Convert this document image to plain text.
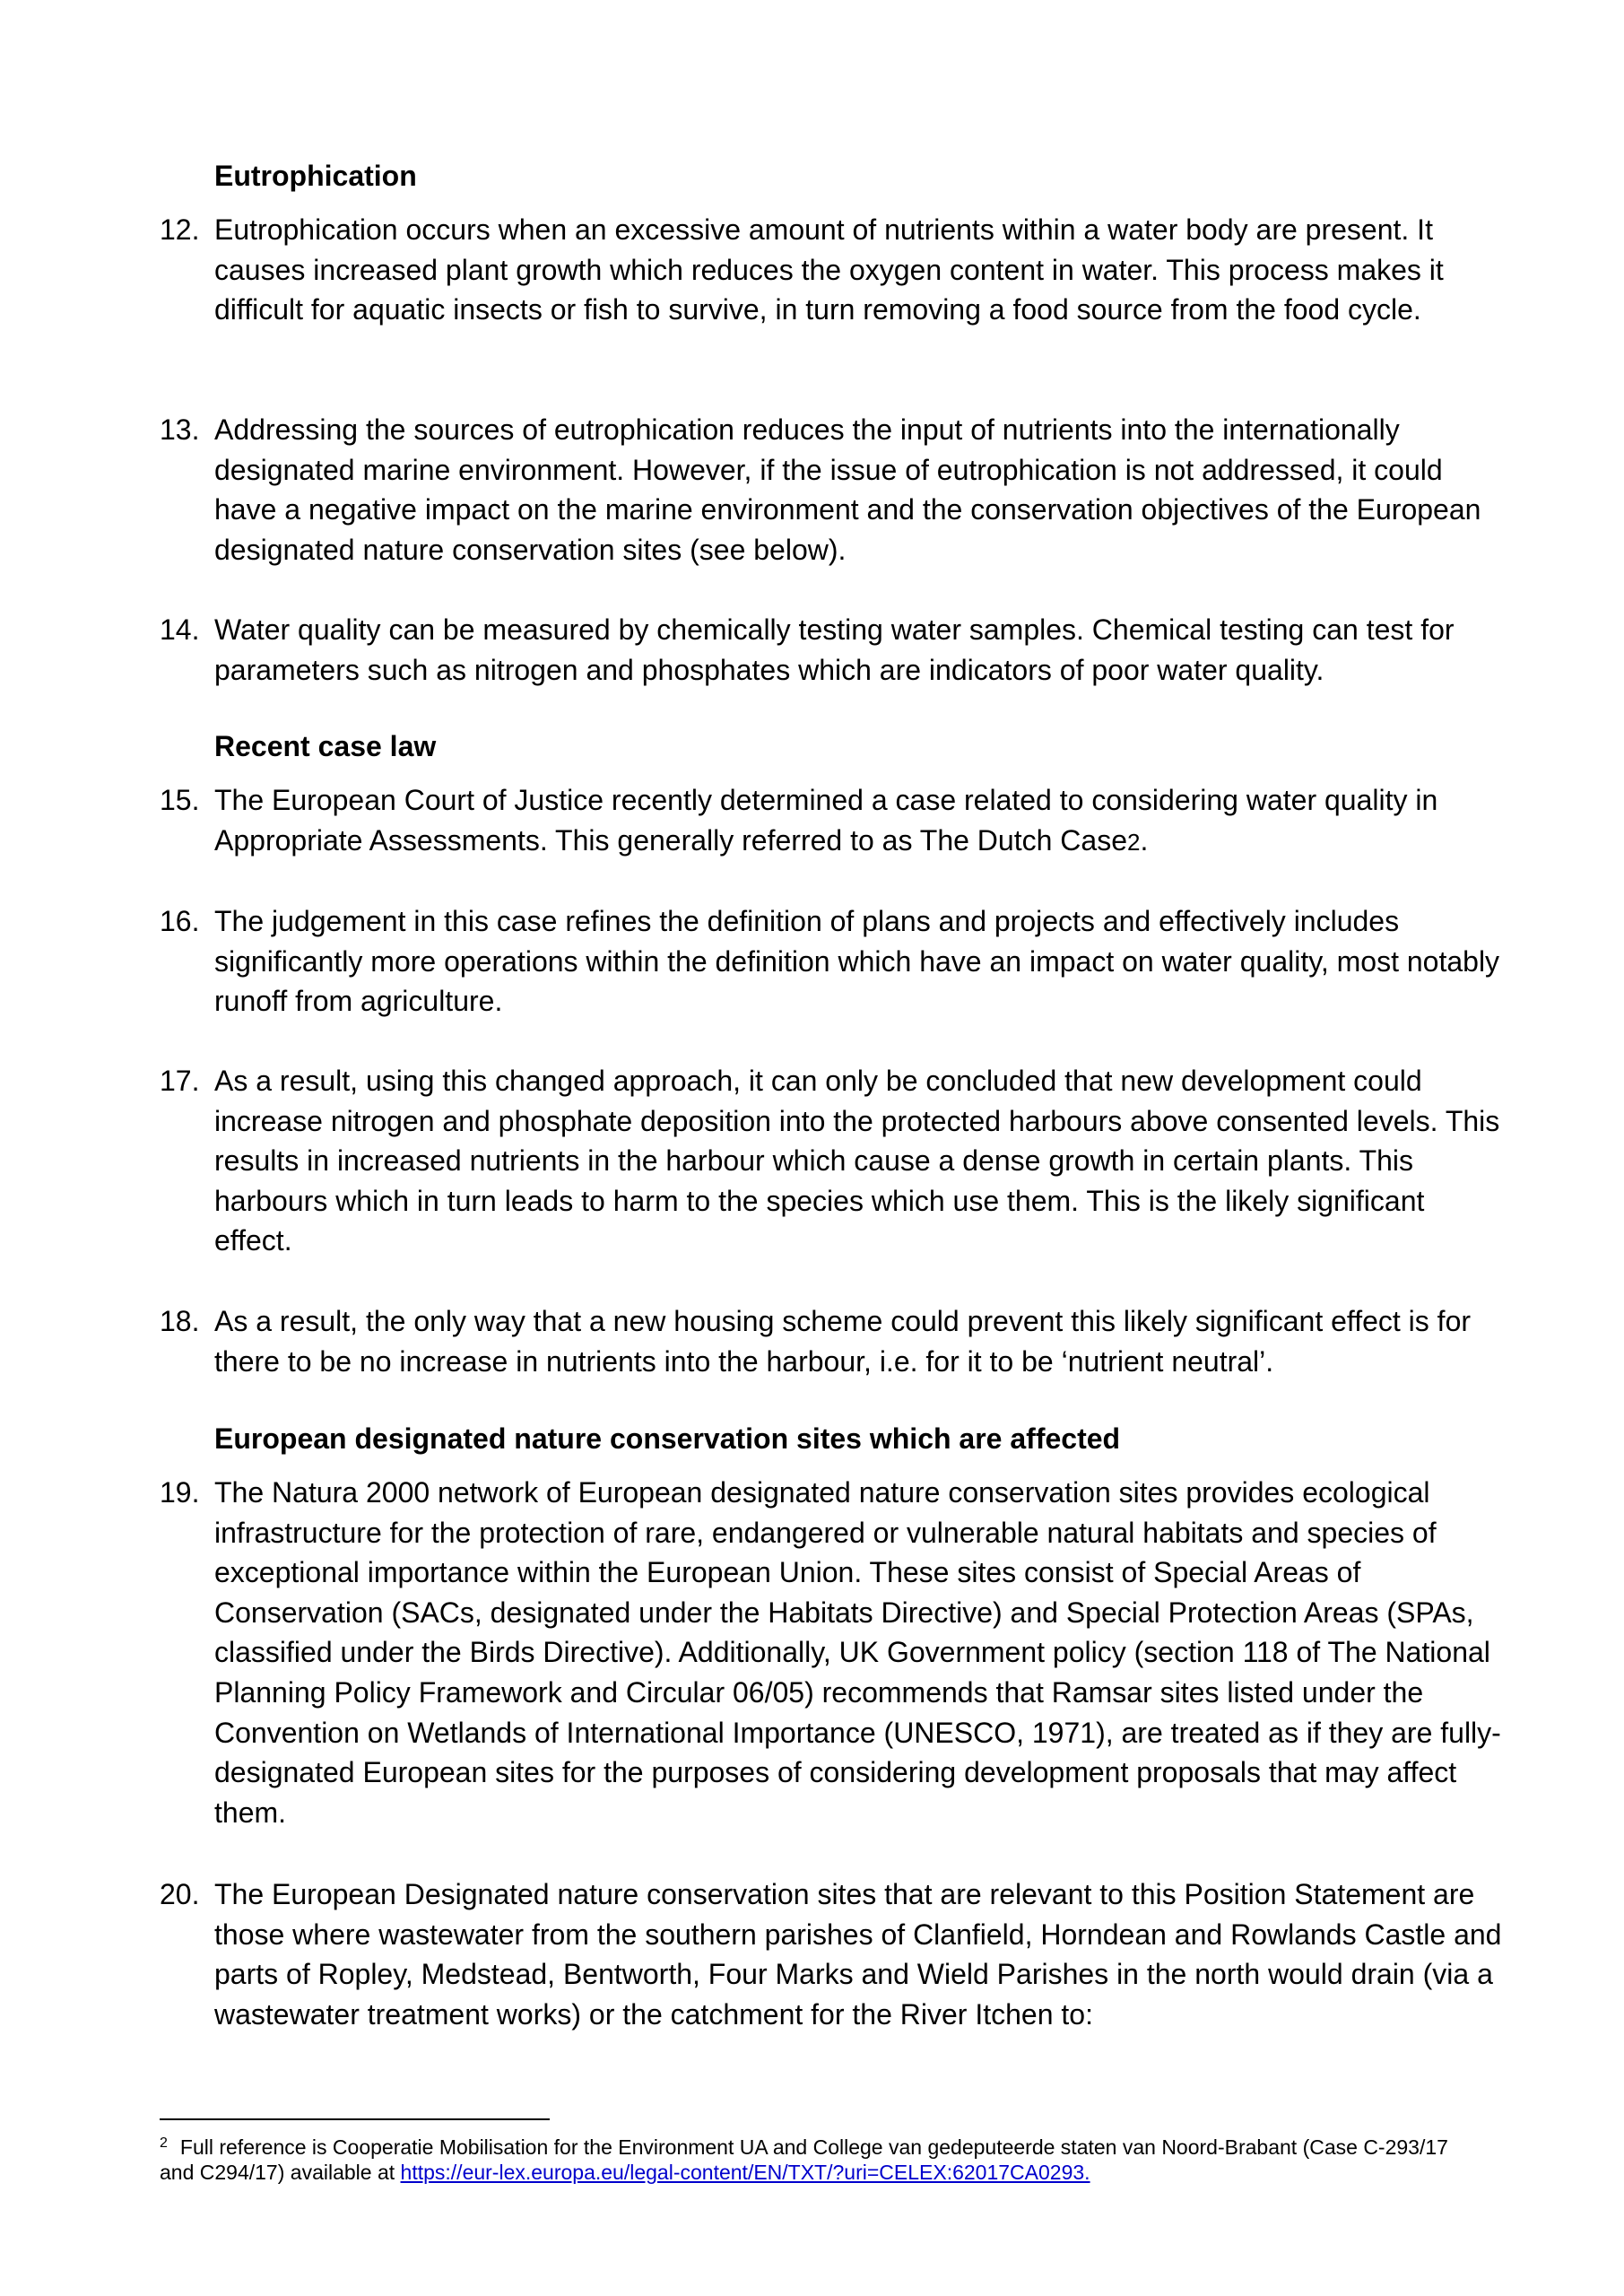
Eutrophication
12. Eutrophication occurs when an excessive amount of nutrients within a water body are present. It causes increased plant growth which reduces the oxygen content in water. This process makes it difficult for aquatic insects or fish to survive, in turn removing a food source from the food cycle.
13. Addressing the sources of eutrophication reduces the input of nutrients into the internationally designated marine environment. However, if the issue of eutrophication is not addressed, it could have a negative impact on the marine environment and the conservation objectives of the European designated nature conservation sites (see below).
14. Water quality can be measured by chemically testing water samples. Chemical testing can test for parameters such as nitrogen and phosphates which are indicators of poor water quality.
Recent case law
15. The European Court of Justice recently determined a case related to considering water quality in Appropriate Assessments. This generally referred to as The Dutch Case2.
16. The judgement in this case refines the definition of plans and projects and effectively includes significantly more operations within the definition which have an impact on water quality, most notably runoff from agriculture.
17. As a result, using this changed approach, it can only be concluded that new development could increase nitrogen and phosphate deposition into the protected harbours above consented levels. This results in increased nutrients in the harbour which cause a dense growth in certain plants. This harbours which in turn leads to harm to the species which use them. This is the likely significant effect.
18. As a result, the only way that a new housing scheme could prevent this likely significant effect is for there to be no increase in nutrients into the harbour, i.e. for it to be ‘nutrient neutral’.
European designated nature conservation sites which are affected
19. The Natura 2000 network of European designated nature conservation sites provides ecological infrastructure for the protection of rare, endangered or vulnerable natural habitats and species of exceptional importance within the European Union. These sites consist of Special Areas of Conservation (SACs, designated under the Habitats Directive) and Special Protection Areas (SPAs, classified under the Birds Directive). Additionally, UK Government policy (section 118 of The National Planning Policy Framework and Circular 06/05) recommends that Ramsar sites listed under the Convention on Wetlands of International Importance (UNESCO, 1971), are treated as if they are fully-designated European sites for the purposes of considering development proposals that may affect them.
20. The European Designated nature conservation sites that are relevant to this Position Statement are those where wastewater from the southern parishes of Clanfield, Horndean and Rowlands Castle and parts of Ropley, Medstead, Bentworth, Four Marks and Wield Parishes in the north would drain (via a wastewater treatment works) or the catchment for the River Itchen to:

$^2$ Full reference is Cooperatie Mobilisation for the Environment UA and College van gedeputeerde staten van Noord-Brabant (Case C-293/17 and C294/17) available at https://eur-lex.europa.eu/legal-content/EN/TXT/?uri=CELEX:62017CA0293.
